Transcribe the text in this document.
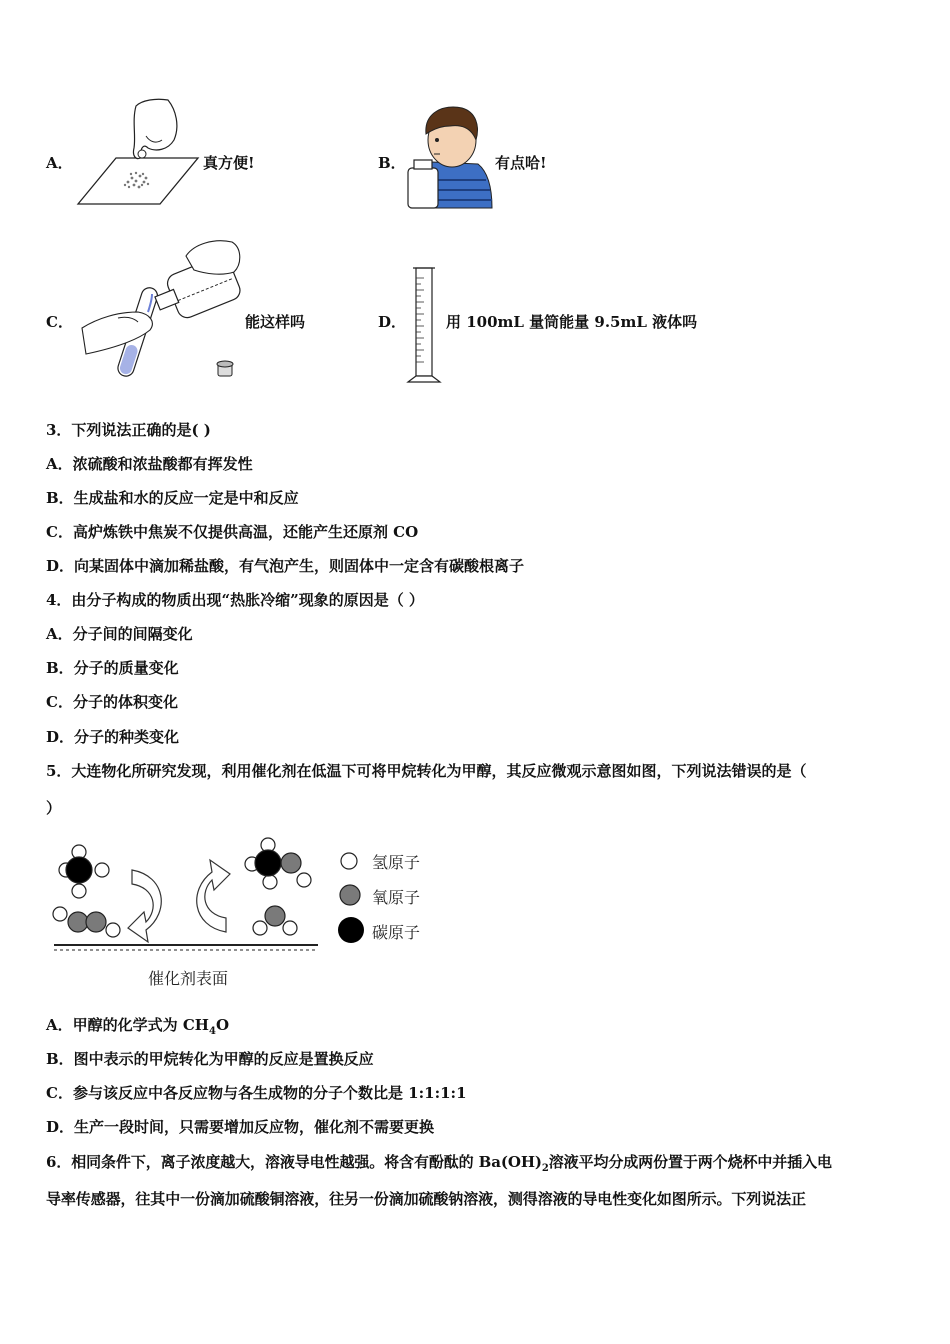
A．	真方便!	B．	有点哈!
C．	能这样吗	D．	用 100mL 量筒能量 9.5mL 液体吗
3．下列说法正确的是( )
A．浓硫酸和浓盐酸都有挥发性
B．生成盐和水的反应一定是中和反应
C．高炉炼铁中焦炭不仅提供高温，还能产生还原剂 CO
D．向某固体中滴加稀盐酸，有气泡产生，则固体中一定含有碳酸根离子
4．由分子构成的物质出现“热胀冷缩”现象的原因是（ ）
A．分子间的间隔变化
B．分子的质量变化
C．分子的体积变化
D．分子的种类变化
5．大连物化所研究发现，利用催化剂在低温下可将甲烷转化为甲醇，其反应微观示意图如图，下列说法错误的是（
）
氢原子
氧原子
碳原子
催化剂表面
A．甲醇的化学式为 $CH_4O$
B．图中表示的甲烷转化为甲醇的反应是置换反应
C．参与该反应中各反应物与各生成物的分子个数比是 1:1:1:1
D．生产一段时间，只需要增加反应物，催化剂不需要更换
6．相同条件下，离子浓度越大，溶液导电性越强。将含有酚酞的 $Ba(OH)_2$溶液平均分成两份置于两个烧杯中并插入电
导率传感器，往其中一份滴加硫酸铜溶液，往另一份滴加硫酸钠溶液，测得溶液的导电性变化如图所示。下列说法正
